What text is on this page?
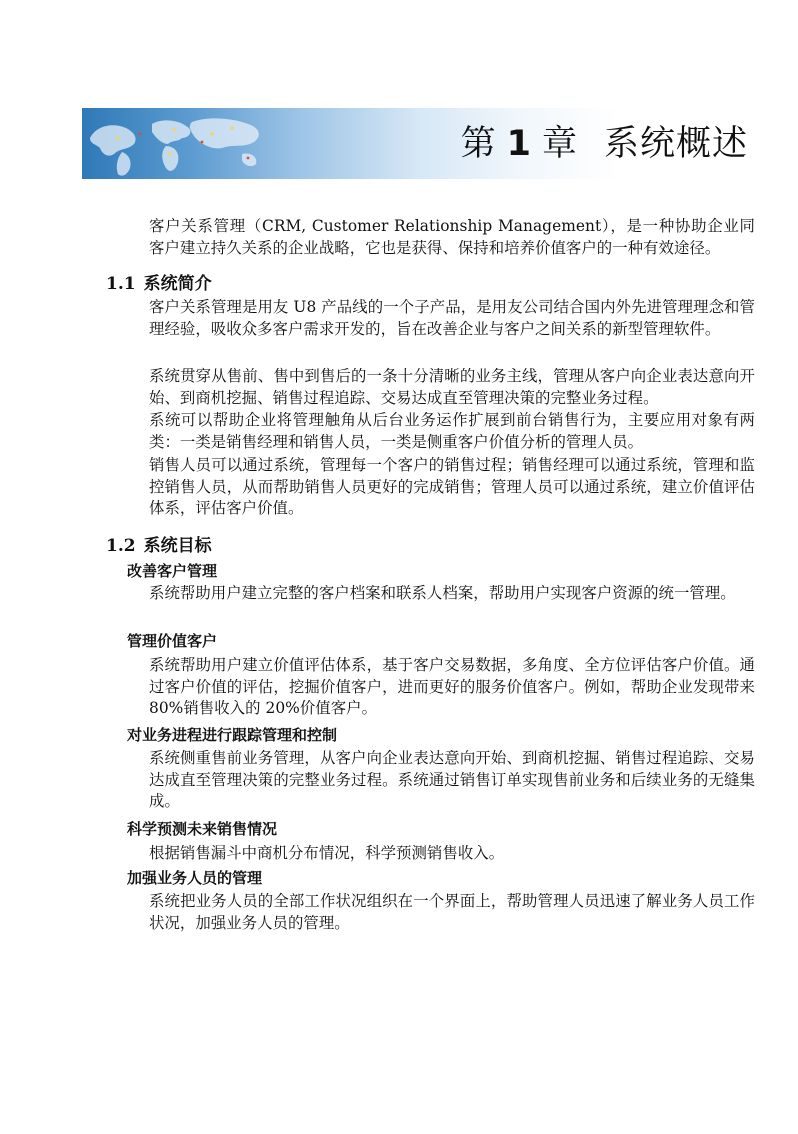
第 1 章 系统概述

客户关系管理（CRM, Customer Relationship Management），是一种协助企业同客户建立持久关系的企业战略，它也是获得、保持和培养价值客户的一种有效途径。

1.1 系统简介

客户关系管理是用友 U8 产品线的一个子产品，是用友公司结合国内外先进管理理念和管理经验，吸收众多客户需求开发的，旨在改善企业与客户之间关系的新型管理软件。

系统贯穿从售前、售中到售后的一条十分清晰的业务主线，管理从客户向企业表达意向开始、到商机挖掘、销售过程追踪、交易达成直至管理决策的完整业务过程。

系统可以帮助企业将管理触角从后台业务运作扩展到前台销售行为，主要应用对象有两类：一类是销售经理和销售人员，一类是侧重客户价值分析的管理人员。

销售人员可以通过系统，管理每一个客户的销售过程；销售经理可以通过系统，管理和监控销售人员，从而帮助销售人员更好的完成销售；管理人员可以通过系统，建立价值评估体系，评估客户价值。

1.2 系统目标
改善客户管理

系统帮助用户建立完整的客户档案和联系人档案，帮助用户实现客户资源的统一管理。

管理价值客户

系统帮助用户建立价值评估体系，基于客户交易数据，多角度、全方位评估客户价值。通过客户价值的评估，挖掘价值客户，进而更好的服务价值客户。例如，帮助企业发现带来 80%销售收入的 20%价值客户。

对业务进程进行跟踪管理和控制

系统侧重售前业务管理，从客户向企业表达意向开始、到商机挖掘、销售过程追踪、交易达成直至管理决策的完整业务过程。系统通过销售订单实现售前业务和后续业务的无缝集成。

科学预测未来销售情况

根据销售漏斗中商机分布情况，科学预测销售收入。

加强业务人员的管理

系统把业务人员的全部工作状况组织在一个界面上，帮助管理人员迅速了解业务人员工作状况，加强业务人员的管理。
